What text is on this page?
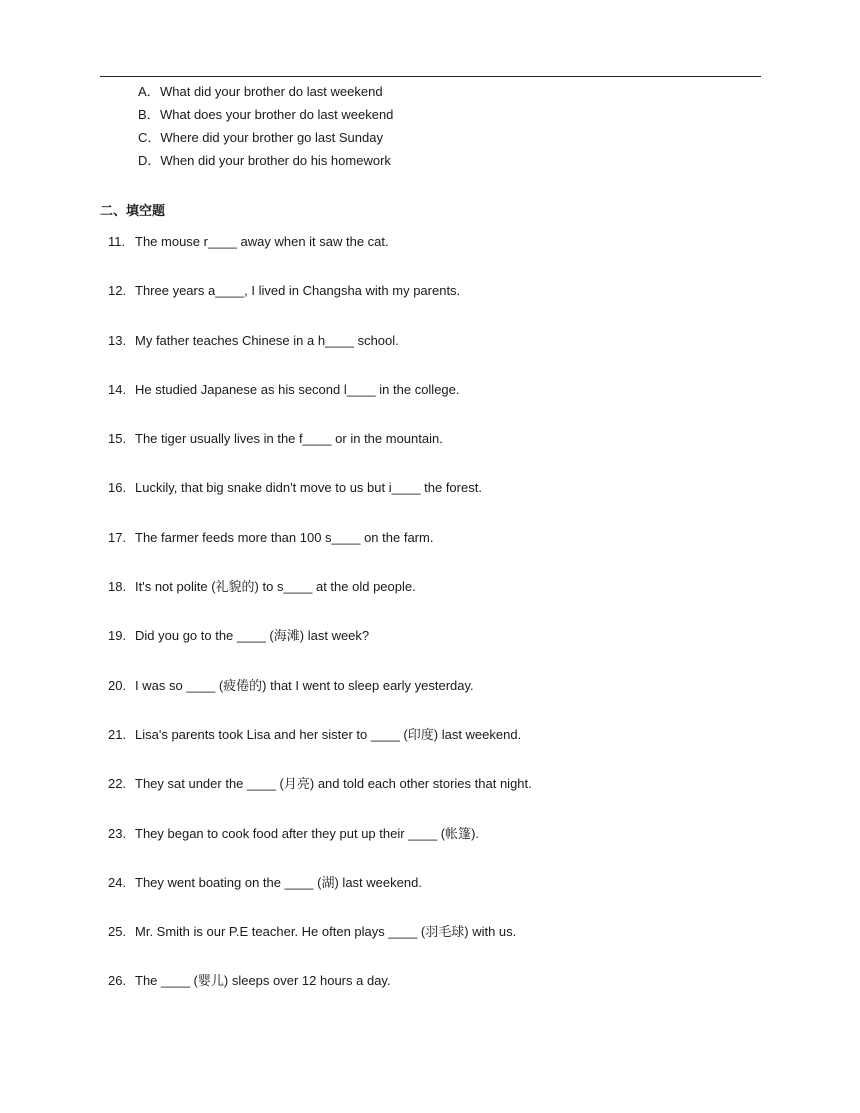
A．What did your brother do last weekend
B．What does your brother do last weekend
C．Where did your brother go last Sunday
D．When did your brother do his homework
二、填空题
11. The mouse r____ away when it saw the cat.
12. Three years a____, I lived in Changsha with my parents.
13. My father teaches Chinese in a h____ school.
14. He studied Japanese as his second l____ in the college.
15. The tiger usually lives in the f____ or in the mountain.
16. Luckily, that big snake didn't move to us but i____ the forest.
17. The farmer feeds more than 100 s____ on the farm.
18. It's not polite (礼貌的) to s____ at the old people.
19. Did you go to the ____ (海滩) last week?
20. I was so ____ (疲倦的) that I went to sleep early yesterday.
21. Lisa's parents took Lisa and her sister to ____ (印度) last weekend.
22. They sat under the ____ (月亮) and told each other stories that night.
23. They began to cook food after they put up their ____ (帐篷).
24. They went boating on the ____ (湖) last weekend.
25. Mr. Smith is our P.E teacher. He often plays ____ (羽毛球) with us.
26. The ____ (婴儿) sleeps over 12 hours a day.
